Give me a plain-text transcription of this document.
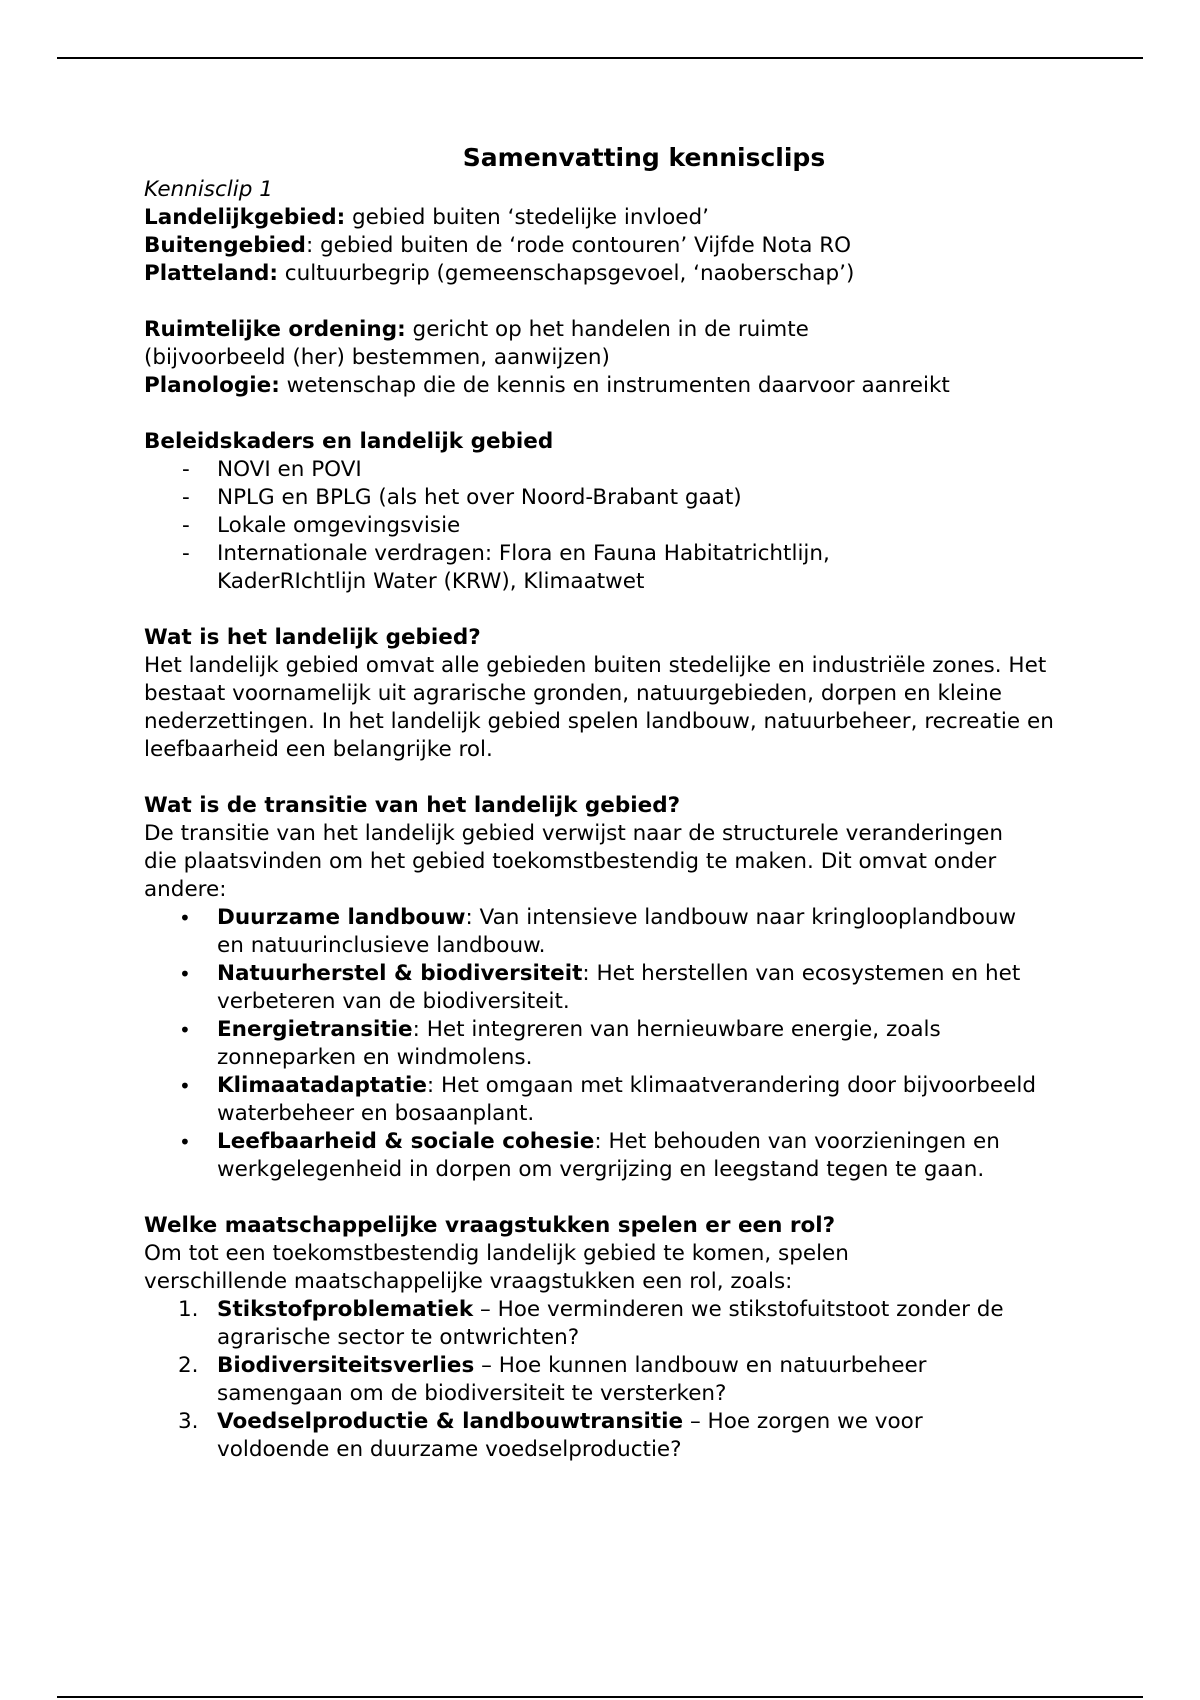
Samenvatting kennisclips

Kennisclip 1

Landelijkgebied: gebied buiten ‘stedelijke invloed’

Buitengebied: gebied buiten de ‘rode contouren’ Vijfde Nota RO

Platteland: cultuurbegrip (gemeenschapsgevoel, ‘naoberschap’)

Ruimtelijke ordening: gericht op het handelen in de ruimte (bijvoorbeeld (her) bestemmen, aanwijzen)

Planologie: wetenschap die de kennis en instrumenten daarvoor aanreikt

Beleidskaders en landelijk gebied

- NOVI en POVI
- NPLG en BPLG (als het over Noord-Brabant gaat)
- Lokale omgevingsvisie
- Internationale verdragen: Flora en Fauna Habitatrichtlijn, KaderRIchtlijn Water (KRW), Klimaatwet

Wat is het landelijk gebied?

Het landelijk gebied omvat alle gebieden buiten stedelijke en industriële zones. Het bestaat voornamelijk uit agrarische gronden, natuurgebieden, dorpen en kleine nederzettingen. In het landelijk gebied spelen landbouw, natuurbeheer, recreatie en leefbaarheid een belangrijke rol.

Wat is de transitie van het landelijk gebied?

De transitie van het landelijk gebied verwijst naar de structurele veranderingen die plaatsvinden om het gebied toekomstbestendig te maken. Dit omvat onder andere:

• Duurzame landbouw: Van intensieve landbouw naar kringlooplandbouw en natuurinclusieve landbouw.
• Natuurherstel & biodiversiteit: Het herstellen van ecosystemen en het verbeteren van de biodiversiteit.
• Energietransitie: Het integreren van hernieuwbare energie, zoals zonneparken en windmolens.
• Klimaatadaptatie: Het omgaan met klimaatverandering door bijvoorbeeld waterbeheer en bosaanplant.
• Leefbaarheid & sociale cohesie: Het behouden van voorzieningen en werkgelegenheid in dorpen om vergrijzing en leegstand tegen te gaan.

Welke maatschappelijke vraagstukken spelen er een rol?

Om tot een toekomstbestendig landelijk gebied te komen, spelen verschillende maatschappelijke vraagstukken een rol, zoals:

1. Stikstofproblematiek – Hoe verminderen we stikstofuitstoot zonder de agrarische sector te ontwrichten?
2. Biodiversiteitsverlies – Hoe kunnen landbouw en natuurbeheer samengaan om de biodiversiteit te versterken?
3. Voedselproductie & landbouwtransitie – Hoe zorgen we voor voldoende en duurzame voedselproductie?
